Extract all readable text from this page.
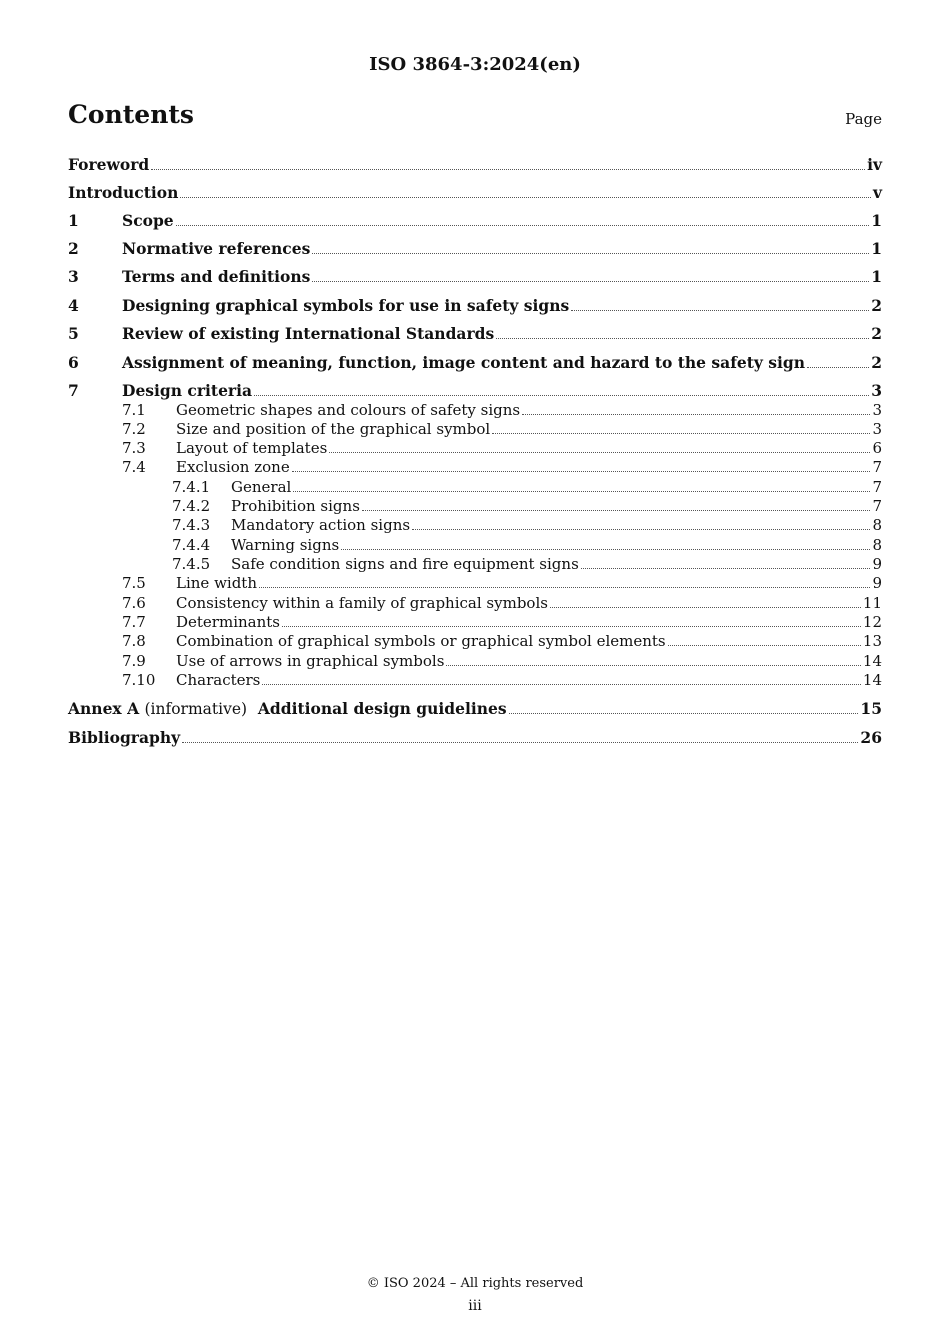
ISO 3864-3:2024(en)
Contents	Page
Foreword	iv
Introduction	v
1	Scope	1
2	Normative references	1
3	Terms and definitions	1
4	Designing graphical symbols for use in safety signs	2
5	Review of existing International Standards	2
6	Assignment of meaning, function, image content and hazard to the safety sign	2
7	Design criteria	3
7.1	Geometric shapes and colours of safety signs	3
7.2	Size and position of the graphical symbol	3
7.3	Layout of templates	6
7.4	Exclusion zone	7
7.4.1	General	7
7.4.2	Prohibition signs	7
7.4.3	Mandatory action signs	8
7.4.4	Warning signs	8
7.4.5	Safe condition signs and fire equipment signs	9
7.5	Line width	9
7.6	Consistency within a family of graphical symbols	11
7.7	Determinants	12
7.8	Combination of graphical symbols or graphical symbol elements	13
7.9	Use of arrows in graphical symbols	14
7.10	Characters	14
Annex A (informative) Additional design guidelines	15
Bibliography	26
© ISO 2024 – All rights reserved
iii
